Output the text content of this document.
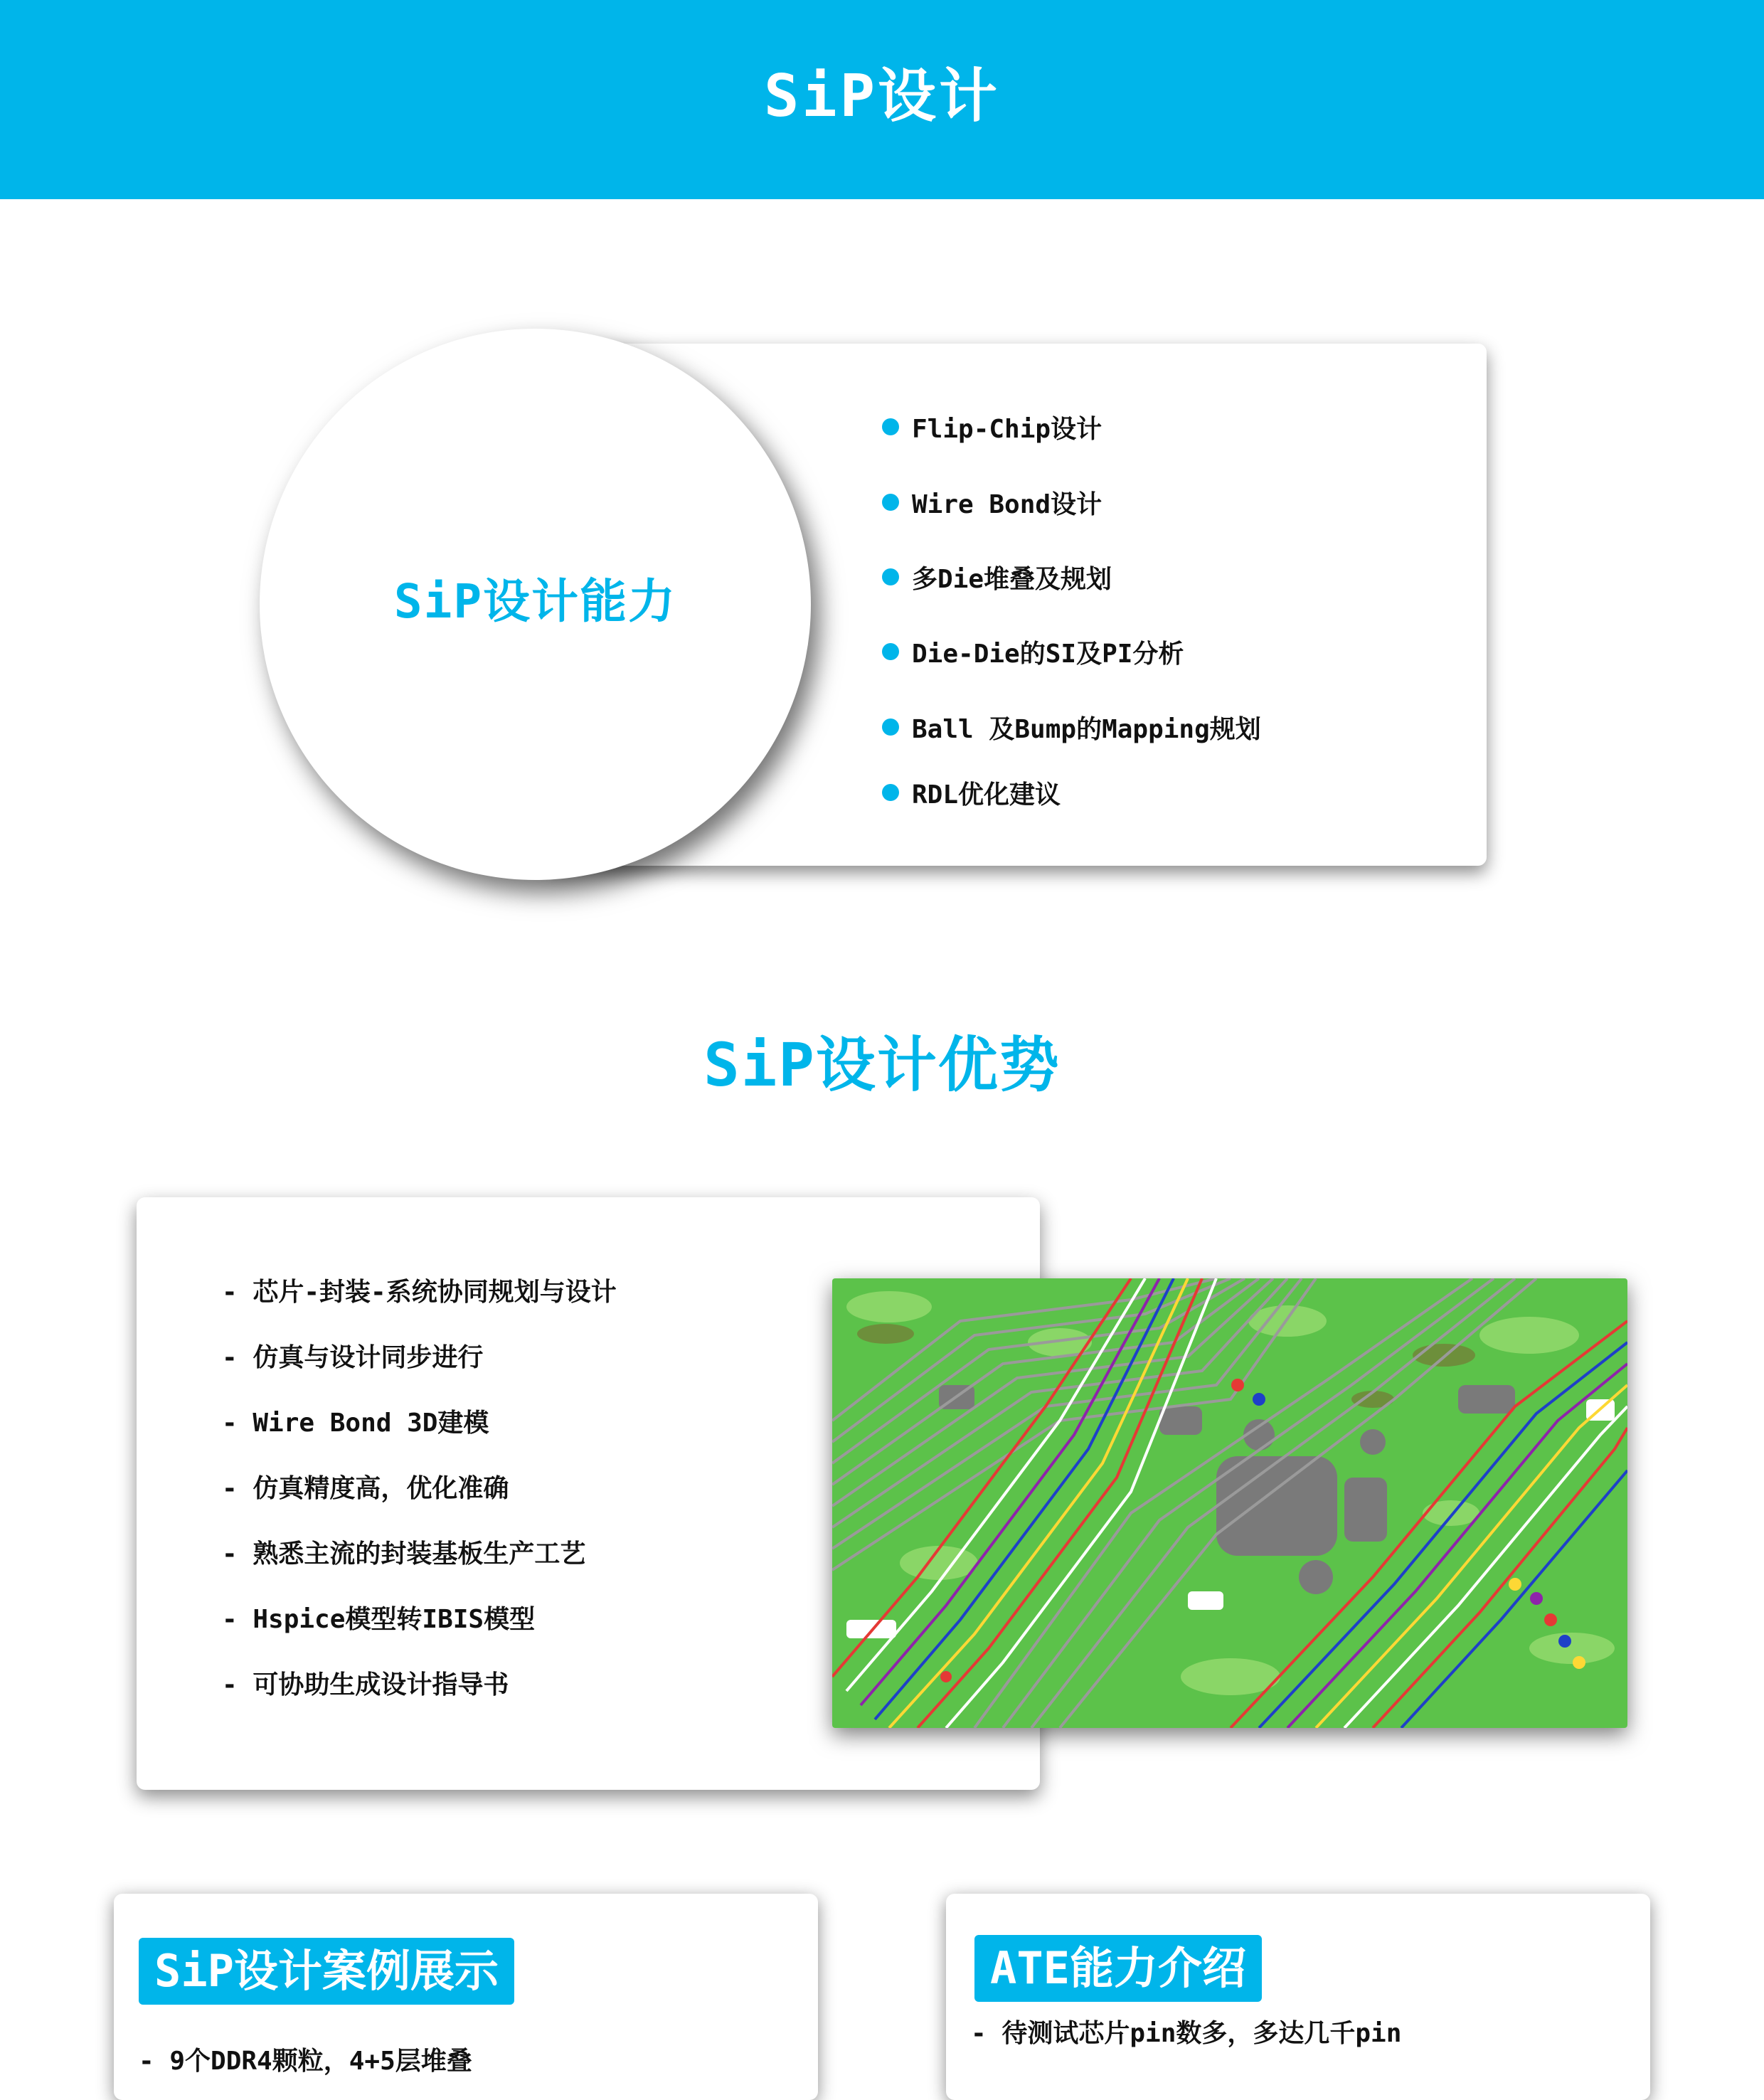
SiP设计
SiP设计能力
Flip-Chip设计
Wire Bond设计
多Die堆叠及规划
Die-Die的SI及PI分析
Ball 及Bump的Mapping规划
RDL优化建议
SiP设计优势
- 芯片-封装-系统协同规划与设计
- 仿真与设计同步进行
- Wire Bond 3D建模
- 仿真精度高，优化准确
- 熟悉主流的封装基板生产工艺
- Hspice模型转IBIS模型
- 可协助生成设计指导书
SiP设计案例展示
- 9个DDR4颗粒，4+5层堆叠
ATE能力介绍
- 待测试芯片pin数多，多达几千pin
